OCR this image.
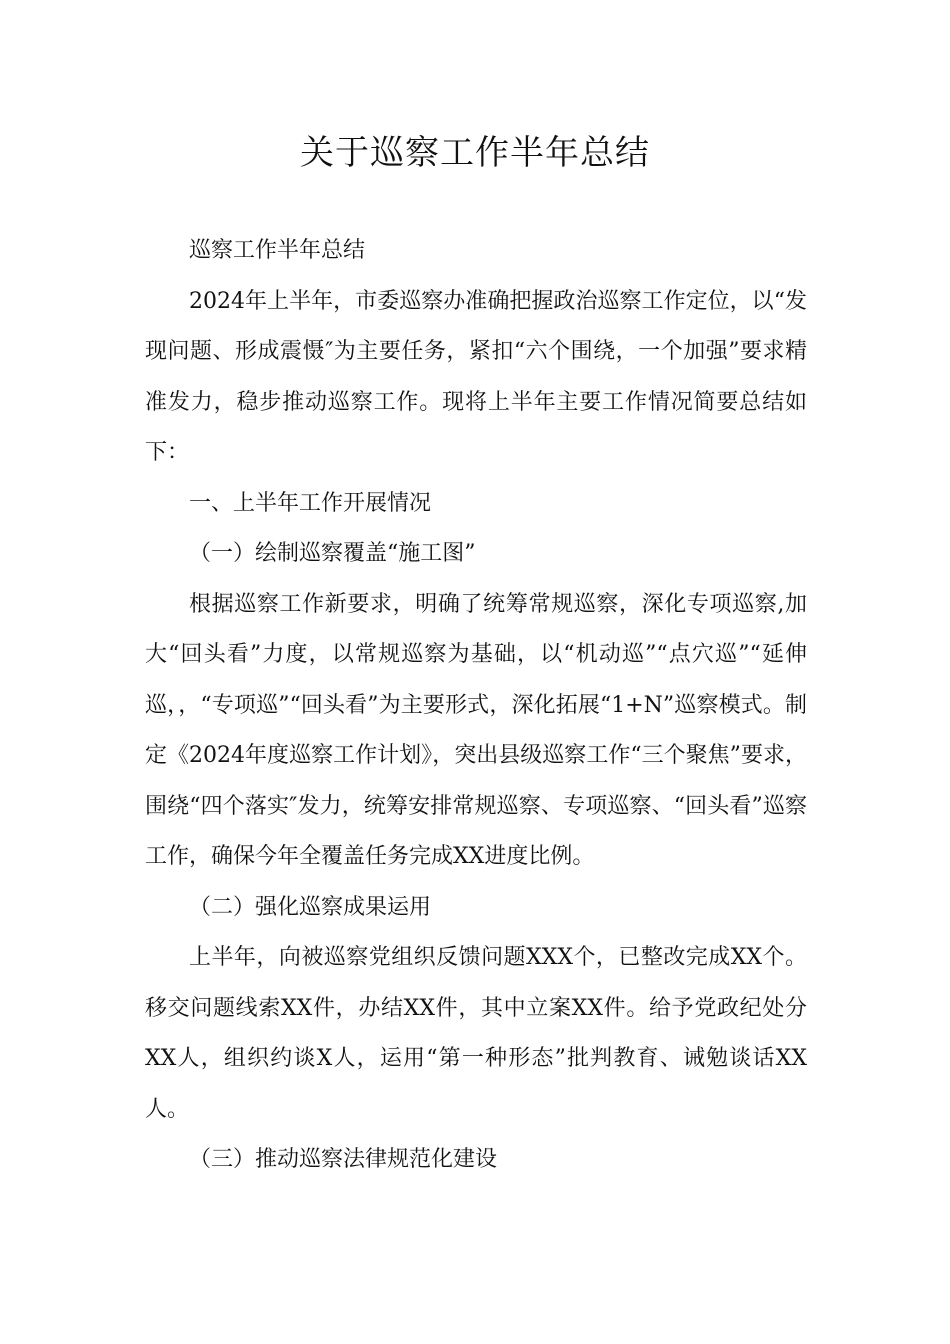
关于巡察工作半年总结

巡察工作半年总结

2024年上半年，市委巡察办准确把握政治巡察工作定位，以“发现问题、形成震慑″为主要任务，紧扣“六个围绕，一个加强”要求精准发力，稳步推动巡察工作。现将上半年主要工作情况简要总结如下：

一、上半年工作开展情况

（一）绘制巡察覆盖“施工图”

根据巡察工作新要求，明确了统筹常规巡察，深化专项巡察,加大“回头看”力度，以常规巡察为基础，以“机动巡”“点穴巡”“延伸巡，，“专项巡”“回头看”为主要形式，深化拓展“1+N”巡察模式。制定《2024年度巡察工作计划》，突出县级巡察工作“三个聚焦”要求，围绕“四个落实″发力，统筹安排常规巡察、专项巡察、“回头看”巡察工作，确保今年全覆盖任务完成XX进度比例。

（二）强化巡察成果运用

上半年，向被巡察党组织反馈问题XXX个，已整改完成XX个。移交问题线索XX件，办结XX件，其中立案XX件。给予党政纪处分XX人，组织约谈X人，运用“第一种形态”批判教育、诫勉谈话XX人。

（三）推动巡察法律规范化建设
